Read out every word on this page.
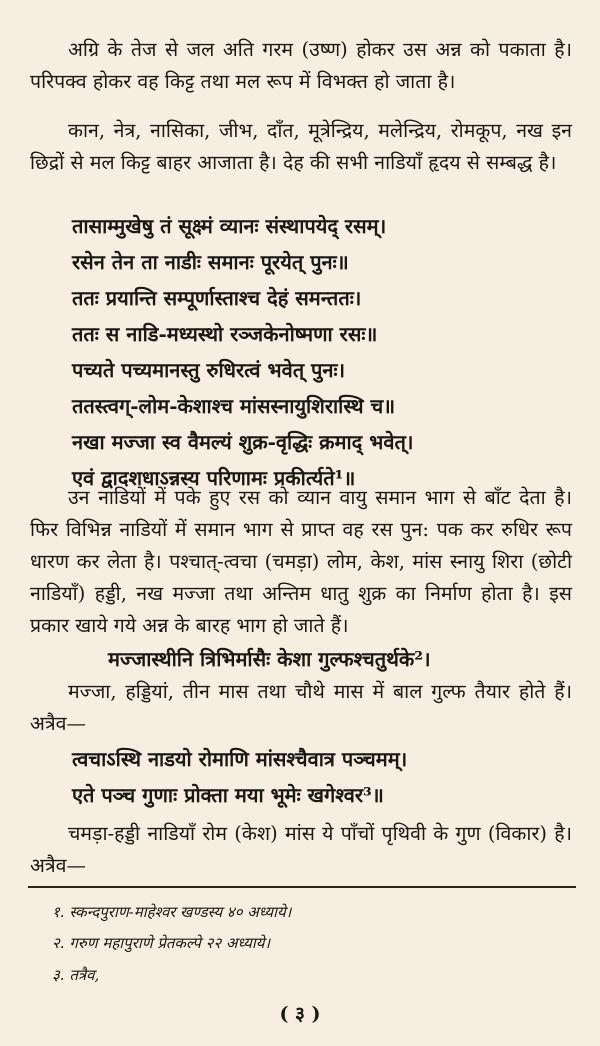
अग्रि के तेज से जल अति गरम (उष्ण) होकर उस अन्न को पकाता है। परिपक्व होकर वह किट्ट तथा मल रूप में विभक्त हो जाता है।

कान, नेत्र, नासिका, जीभ, दाँत, मूत्रेन्द्रिय, मलेन्द्रिय, रोमकूप, नख इन छिद्रों से मल किट्ट बाहर आजाता है। देह की सभी नाडियाँ हृदय से सम्बद्ध है।

तासाम्मुखेषु तं सूक्ष्मं व्यानः संस्थापयेद् रसम्।
रसेन तेन ता नाडीः समानः पूरयेत् पुनः॥
ततः प्रयान्ति सम्पूर्णास्ताश्च देहं समन्ततः।
ततः स नाडि-मध्यस्थो रञ्जकेनोष्मणा रसः॥
पच्यते पच्यमानस्तु रुधिरत्वं भवेत् पुनः।
ततस्त्वग्-लोम-केशाश्च मांसस्नायुशिरास्थि च॥
नखा मज्जा स्व वैमल्यं शुक्र-वृद्धिः क्रमाद् भवेत्।
एवं द्वादशधाऽन्नस्य परिणामः प्रकीर्त्यते¹॥

उन नाडियों में पके हुए रस को व्यान वायु समान भाग से बाँट देता है। फिर विभिन्न नाडियों में समान भाग से प्राप्त वह रस पुन: पक कर रुधिर रूप धारण कर लेता है। पश्चात्-त्वचा (चमड़ा) लोम, केश, मांस स्नायु शिरा (छोटी नाडियाँ) हड्डी, नख मज्जा तथा अन्तिम धातु शुक्र का निर्माण होता है। इस प्रकार खाये गये अन्न के बारह भाग हो जाते हैं।

मज्जास्थीनि त्रिभिर्मासैः केशा गुल्फश्चतुर्थके²।

मज्जा, हड्डियां, तीन मास तथा चौथे मास में बाल गुल्फ तैयार होते हैं। अत्रैव—

त्वचाऽस्थि नाडयो रोमाणि मांसश्चैवात्र पञ्चमम्।
एते पञ्च गुणाः प्रोक्ता मया भूमेः खगेश्वर³॥

चमड़ा-हड्डी नाडियाँ रोम (केश) मांस ये पाँचों पृथिवी के गुण (विकार) है। अत्रैव—

१. स्कन्दपुराण-माहेश्वर खण्डस्य ४० अध्याये।
२. गरुण महापुराणे प्रेतकल्पे २२ अध्याये।
३. तत्रैव,
( ३ )
